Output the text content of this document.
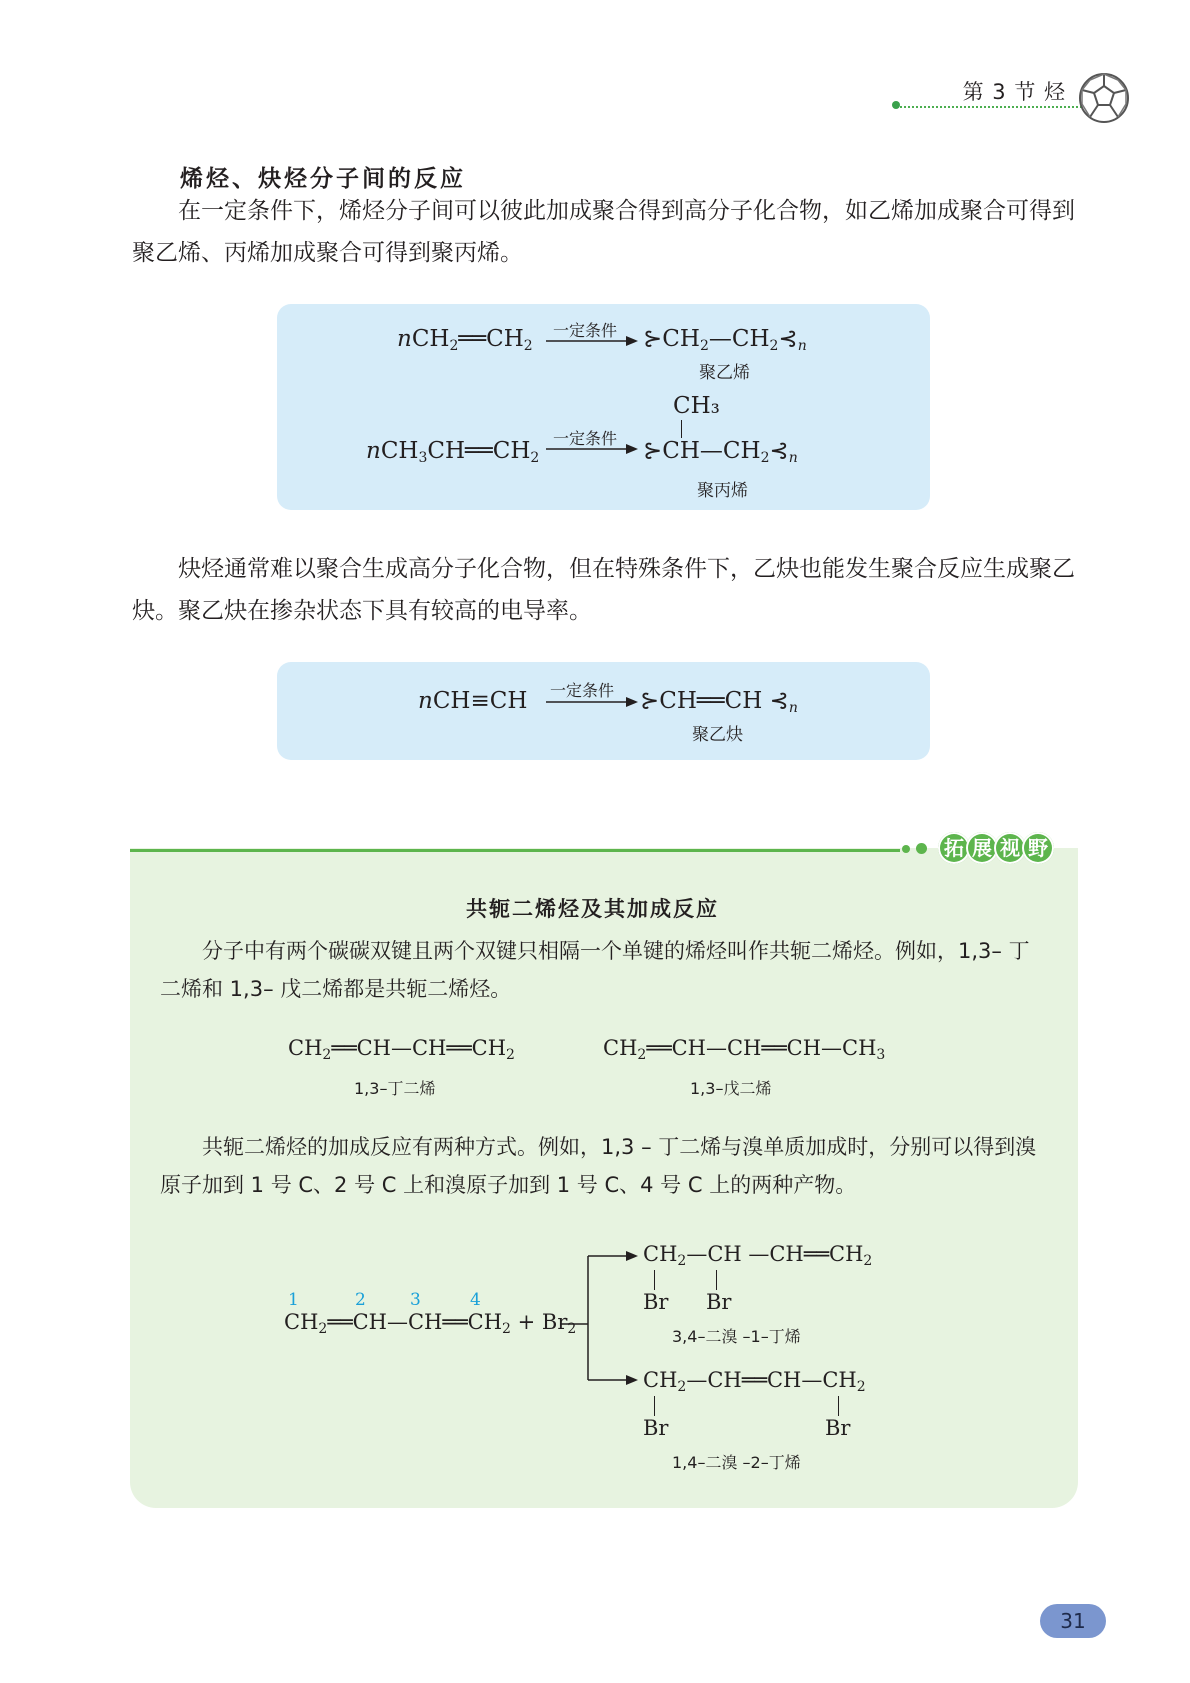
第 3 节 烃
烯烃、炔烃分子间的反应
在一定条件下，烯烃分子间可以彼此加成聚合得到高分子化合物，如乙烯加成聚合可得到聚乙烯、丙烯加成聚合可得到聚丙烯。
$nCH_2══CH_2$
一定条件 $⊱CH_2—CH_2⊰_n$
聚乙烯
CH₃
$nCH_3CH══CH_2$
一定条件 $⊱CH—CH_2⊰_n$
聚丙烯
炔烃通常难以聚合生成高分子化合物，但在特殊条件下，乙炔也能发生聚合反应生成聚乙炔。聚乙炔在掺杂状态下具有较高的电导率。
nCH≡CH 一定条件 ⊱CH══CH $⊰_n$
聚乙炔
拓 展 视 野
共轭二烯烃及其加成反应
分子中有两个碳碳双键且两个双键只相隔一个单键的烯烃叫作共轭二烯烃。例如，1,3– 丁二烯和 1,3– 戊二烯都是共轭二烯烃。
$CH_2══CH—CH══CH_2$
1,3–丁二烯
$CH_2══CH—CH══CH—CH_3$
1,3–戊二烯
共轭二烯烃的加成反应有两种方式。例如，1,3 – 丁二烯与溴单质加成时，分别可以得到溴原子加到 1 号 C、2 号 C 上和溴原子加到 1 号 C、4 号 C 上的两种产物。
1	2	3	4
$CH_2══CH—CH══CH_2 + Br_2$
$CH_2—CH$ $—CH══CH_2$
Br Br
3,4–二溴 –1–丁烯
$CH_2—CH══CH—CH_2$
Br	Br
1,4–二溴 –2–丁烯
31
